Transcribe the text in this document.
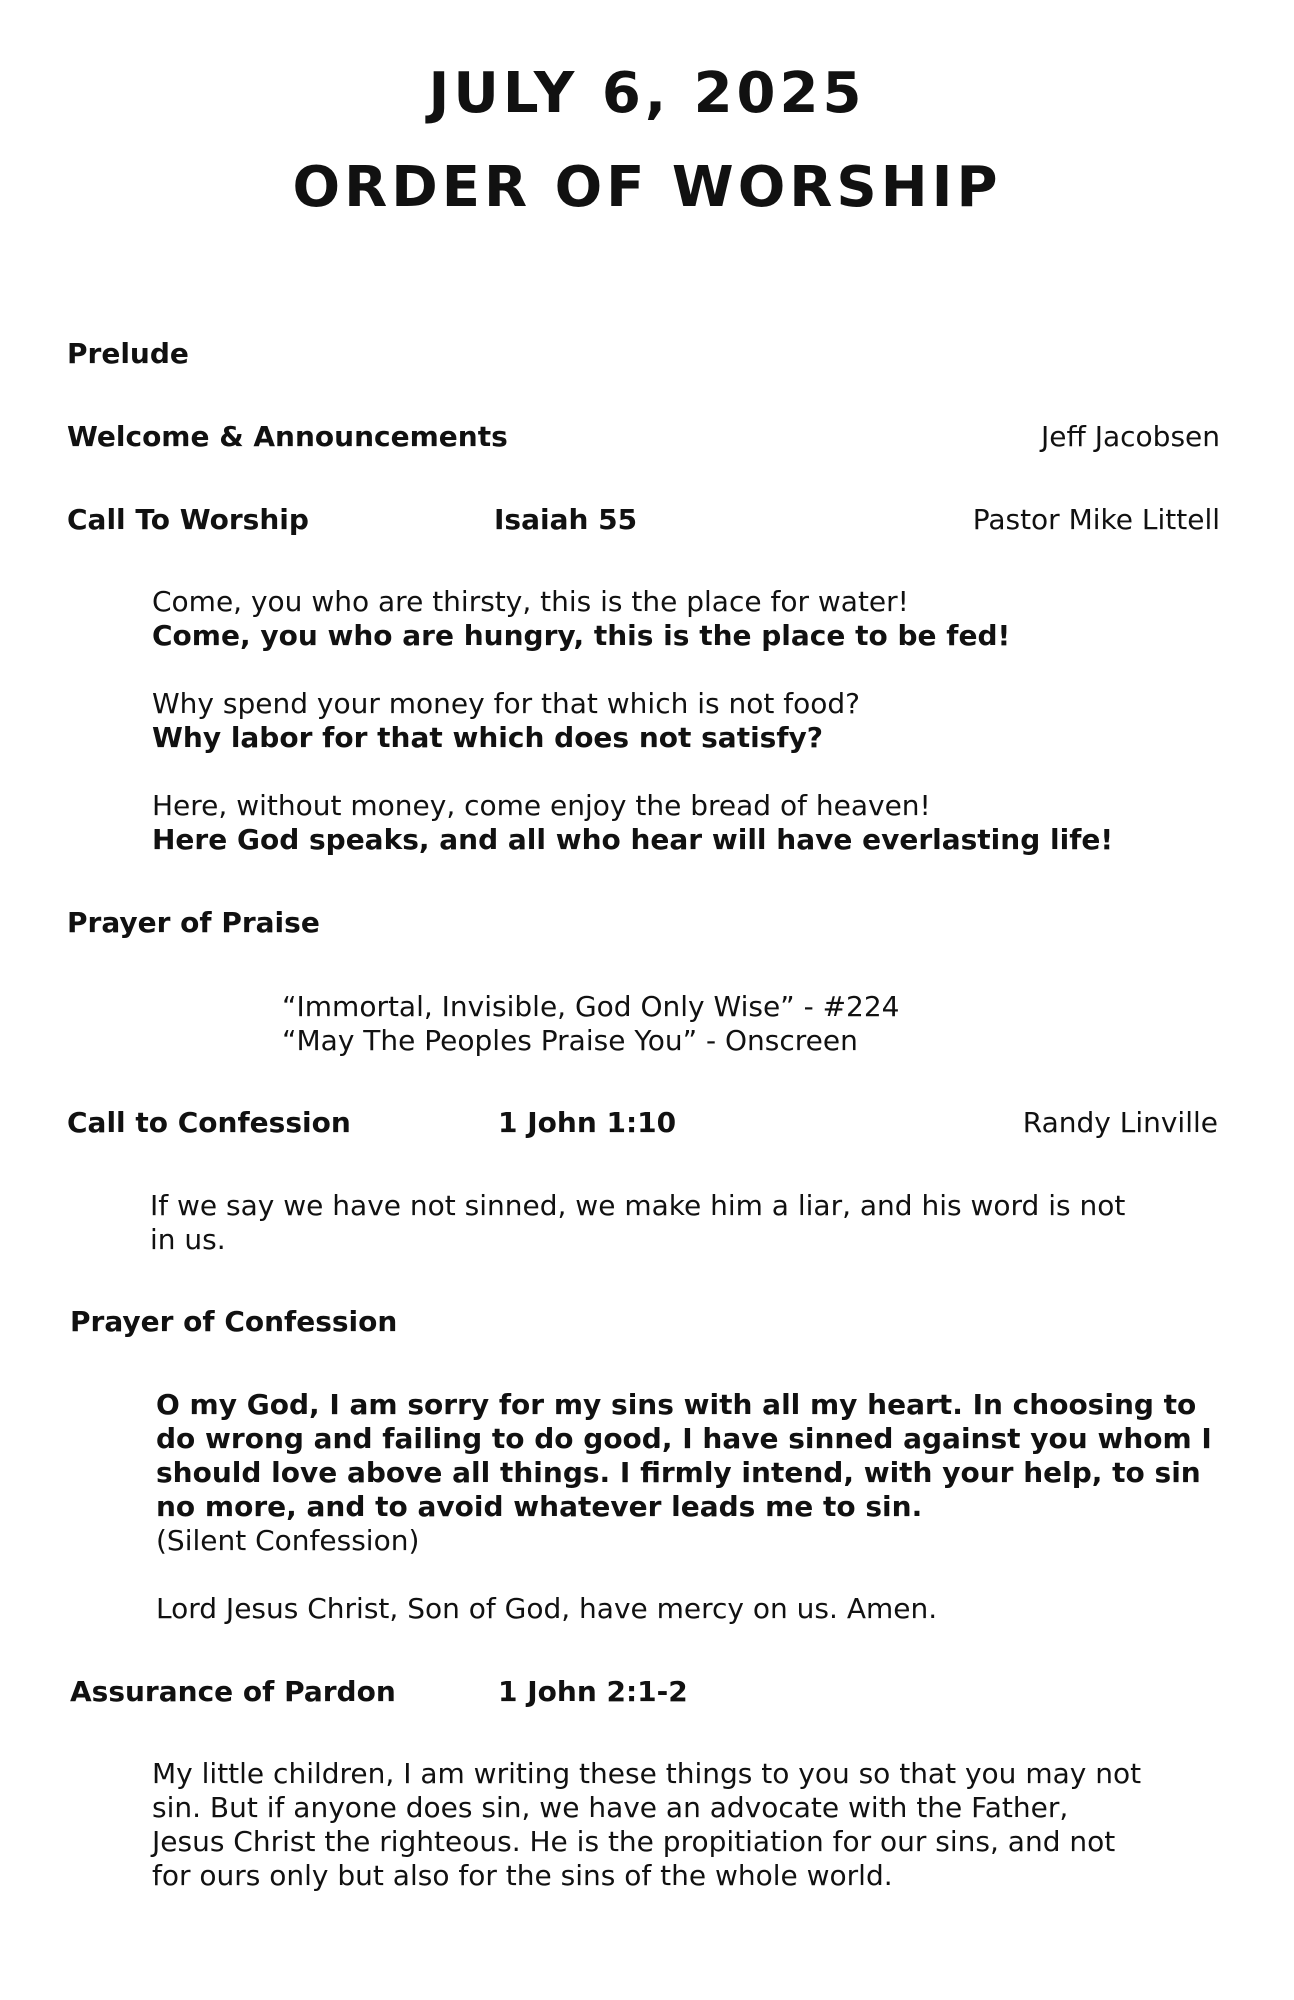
JULY 6, 2025
ORDER OF WORSHIP
Prelude
Welcome & Announcements	Jeff Jacobsen
Call To Worship	Isaiah 55	Pastor Mike Littell
Come, you who are thirsty, this is the place for water!
Come, you who are hungry, this is the place to be fed!
Why spend your money for that which is not food?
Why labor for that which does not satisfy?
Here, without money, come enjoy the bread of heaven!
Here God speaks, and all who hear will have everlasting life!
Prayer of Praise
“Immortal, Invisible, God Only Wise” - #224
“May The Peoples Praise You” - Onscreen
Call to Confession	1 John 1:10	Randy Linville
If we say we have not sinned, we make him a liar, and his word is not
in us.
Prayer of Confession
O my God, I am sorry for my sins with all my heart. In choosing to
do wrong and failing to do good, I have sinned against you whom I
should love above all things. I firmly intend, with your help, to sin
no more, and to avoid whatever leads me to sin.
(Silent Confession)
Lord Jesus Christ, Son of God, have mercy on us. Amen.
Assurance of Pardon	1 John 2:1-2
My little children, I am writing these things to you so that you may not
sin. But if anyone does sin, we have an advocate with the Father,
Jesus Christ the righteous. He is the propitiation for our sins, and not
for ours only but also for the sins of the whole world.
